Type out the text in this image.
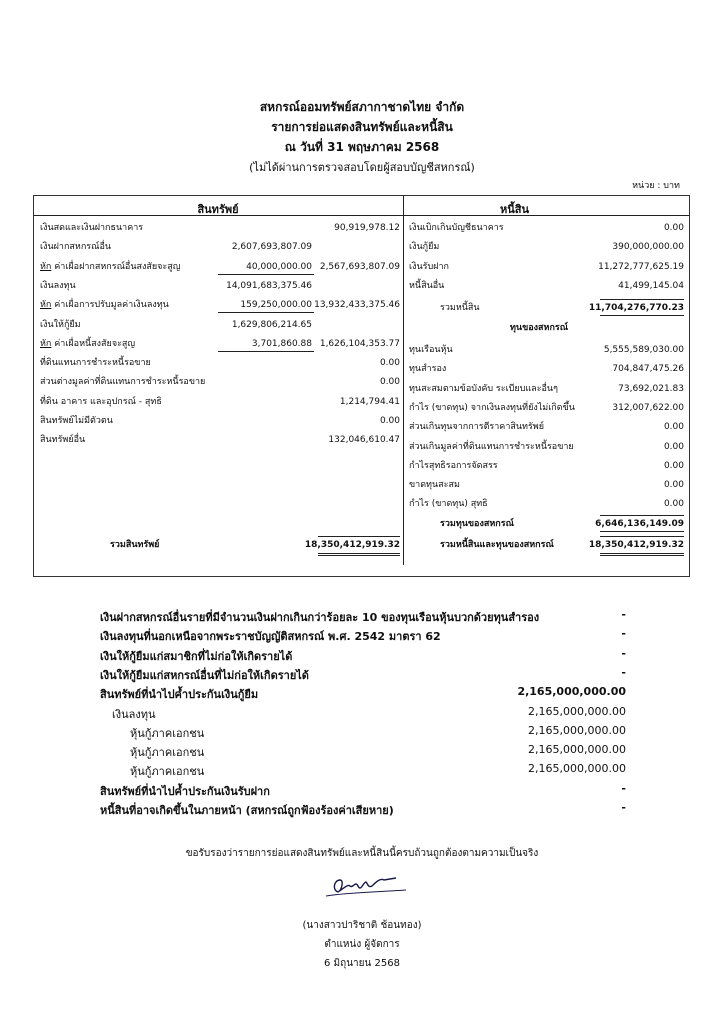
สหกรณ์ออมทรัพย์สภากาชาดไทย จำกัด
รายการย่อแสดงสินทรัพย์และหนี้สิน
ณ วันที่ 31 พฤษภาคม 2568
(ไม่ได้ผ่านการตรวจสอบโดยผู้สอบบัญชีสหกรณ์)
หน่วย : บาท
สินทรัพย์	หนี้สิน
เงินสดและเงินฝากธนาคาร	90,919,978.12
เงินฝากสหกรณ์อื่น	2,607,693,807.09
หัก ค่าเผื่อฝากสหกรณ์อื่นสงสัยจะสูญ	40,000,000.00 2,567,693,807.09
เงินลงทุน	14,091,683,375.46
หัก ค่าเผื่อการปรับมูลค่าเงินลงทุน	159,250,000.00 13,932,433,375.46
เงินให้กู้ยืม	1,629,806,214.65
หัก ค่าเผื่อหนี้สงสัยจะสูญ	3,701,860.88 1,626,104,353.77
ที่ดินแทนการชำระหนี้รอขาย	0.00
ส่วนต่างมูลค่าที่ดินแทนการชำระหนี้รอขาย	0.00
ที่ดิน อาคาร และอุปกรณ์ - สุทธิ	1,214,794.41
สินทรัพย์ไม่มีตัวตน	0.00
สินทรัพย์อื่น	132,046,610.47
รวมสินทรัพย์	18,350,412,919.32
เงินเบิกเกินบัญชีธนาคาร	0.00
เงินกู้ยืม	390,000,000.00
เงินรับฝาก	11,272,777,625.19
หนี้สินอื่น	41,499,145.04
รวมหนี้สิน	11,704,276,770.23
ทุนของสหกรณ์
ทุนเรือนหุ้น	5,555,589,030.00
ทุนสำรอง	704,847,475.26
ทุนสะสมตามข้อบังคับ ระเบียบและอื่นๆ	73,692,021.83
กำไร (ขาดทุน) จากเงินลงทุนที่ยังไม่เกิดขึ้น	312,007,622.00
ส่วนเกินทุนจากการตีราคาสินทรัพย์	0.00
ส่วนเกินมูลค่าที่ดินแทนการชำระหนี้รอขาย	0.00
กำไรสุทธิรอการจัดสรร	0.00
ขาดทุนสะสม	0.00
กำไร (ขาดทุน) สุทธิ	0.00
รวมทุนของสหกรณ์	6,646,136,149.09
รวมหนี้สินและทุนของสหกรณ์	18,350,412,919.32
เงินฝากสหกรณ์อื่นรายที่มีจำนวนเงินฝากเกินกว่าร้อยละ 10 ของทุนเรือนหุ้นบวกด้วยทุนสำรอง	-
เงินลงทุนที่นอกเหนือจากพระราชบัญญัติสหกรณ์ พ.ศ. 2542 มาตรา 62	-
เงินให้กู้ยืมแก่สมาชิกที่ไม่ก่อให้เกิดรายได้	-
เงินให้กู้ยืมแก่สหกรณ์อื่นที่ไม่ก่อให้เกิดรายได้	-
สินทรัพย์ที่นำไปค้ำประกันเงินกู้ยืม	2,165,000,000.00
เงินลงทุน	2,165,000,000.00
หุ้นกู้ภาคเอกชน	2,165,000,000.00
หุ้นกู้ภาคเอกชน	2,165,000,000.00
หุ้นกู้ภาคเอกชน	2,165,000,000.00
สินทรัพย์ที่นำไปค้ำประกันเงินรับฝาก	-
หนี้สินที่อาจเกิดขึ้นในภายหน้า (สหกรณ์ถูกฟ้องร้องค่าเสียหาย)	-
ขอรับรองว่ารายการย่อแสดงสินทรัพย์และหนี้สินนี้ครบถ้วนถูกต้องตามความเป็นจริง
(นางสาวปาริชาติ ช้อนทอง)
ตำแหน่ง ผู้จัดการ
6 มิถุนายน 2568
